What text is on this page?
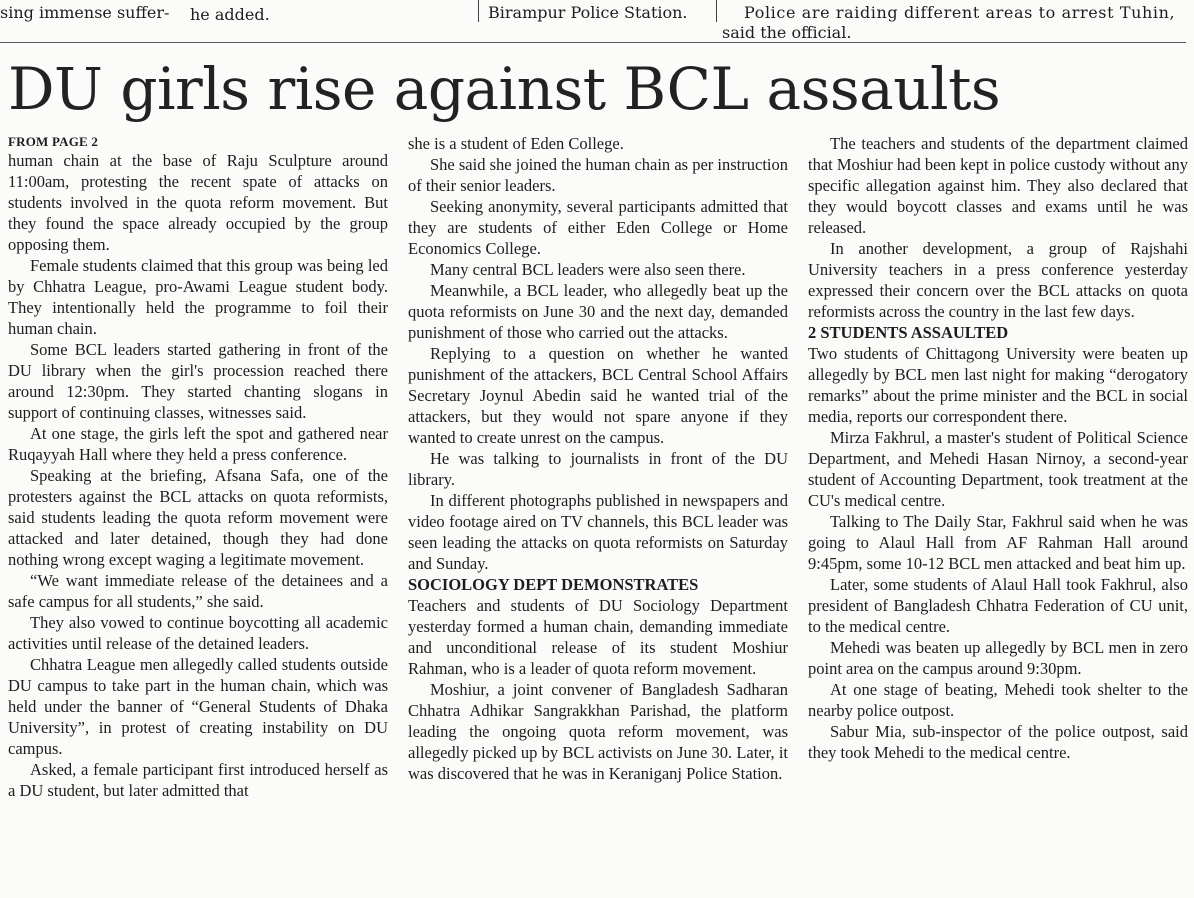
sing immense suffer- he added.	Birampur Police Station.	Police are raiding different areas to arrest Tuhin,
said the official.
DU girls rise against BCL assaults
FROM PAGE 2

human chain at the base of Raju Sculpture around 11:00am, protesting the recent spate of attacks on students involved in the quota reform movement. But they found the space already occupied by the group opposing them.

Female students claimed that this group was being led by Chhatra League, pro-Awami League student body. They intentionally held the programme to foil their human chain.

Some BCL leaders started gathering in front of the DU library when the girl's procession reached there around 12:30pm. They started chanting slogans in support of continuing classes, witnesses said.

At one stage, the girls left the spot and gathered near Ruqayyah Hall where they held a press conference.

Speaking at the briefing, Afsana Safa, one of the protesters against the BCL attacks on quota reformists, said students leading the quota reform movement were attacked and later detained, though they had done nothing wrong except waging a legitimate movement.

“We want immediate release of the detainees and a safe campus for all students,” she said.

They also vowed to continue boycotting all academic activities until release of the detained leaders.

Chhatra League men allegedly called students outside DU campus to take part in the human chain, which was held under the banner of “General Students of Dhaka University”, in protest of creating instability on DU campus.

Asked, a female participant first introduced herself as a DU student, but later admitted that

she is a student of Eden College.

She said she joined the human chain as per instruction of their senior leaders.

Seeking anonymity, several participants admitted that they are students of either Eden College or Home Economics College.

Many central BCL leaders were also seen there.

Meanwhile, a BCL leader, who allegedly beat up the quota reformists on June 30 and the next day, demanded punishment of those who carried out the attacks.

Replying to a question on whether he wanted punishment of the attackers, BCL Central School Affairs Secretary Joynul Abedin said he wanted trial of the attackers, but they would not spare anyone if they wanted to create unrest on the campus.

He was talking to journalists in front of the DU library.

In different photographs published in newspapers and video footage aired on TV channels, this BCL leader was seen leading the attacks on quota reformists on Saturday and Sunday.

SOCIOLOGY DEPT DEMONSTRATES

Teachers and students of DU Sociology Department yesterday formed a human chain, demanding immediate and unconditional release of its student Moshiur Rahman, who is a leader of quota reform movement.

Moshiur, a joint convener of Bangladesh Sadharan Chhatra Adhikar Sangrakkhan Parishad, the platform leading the ongoing quota reform movement, was allegedly picked up by BCL activists on June 30. Later, it was discovered that he was in Keraniganj Police Station.

The teachers and students of the department claimed that Moshiur had been kept in police custody without any specific allegation against him. They also declared that they would boycott classes and exams until he was released.

In another development, a group of Rajshahi University teachers in a press conference yesterday expressed their concern over the BCL attacks on quota reformists across the country in the last few days.

2 STUDENTS ASSAULTED

Two students of Chittagong University were beaten up allegedly by BCL men last night for making “derogatory remarks” about the prime minister and the BCL in social media, reports our correspondent there.

Mirza Fakhrul, a master's student of Political Science Department, and Mehedi Hasan Nirnoy, a second-year student of Accounting Department, took treatment at the CU's medical centre.

Talking to The Daily Star, Fakhrul said when he was going to Alaul Hall from AF Rahman Hall around 9:45pm, some 10-12 BCL men attacked and beat him up.

Later, some students of Alaul Hall took Fakhrul, also president of Bangladesh Chhatra Federation of CU unit, to the medical centre.

Mehedi was beaten up allegedly by BCL men in zero point area on the campus around 9:30pm.

At one stage of beating, Mehedi took shelter to the nearby police outpost.

Sabur Mia, sub-inspector of the police outpost, said they took Mehedi to the medical centre.
